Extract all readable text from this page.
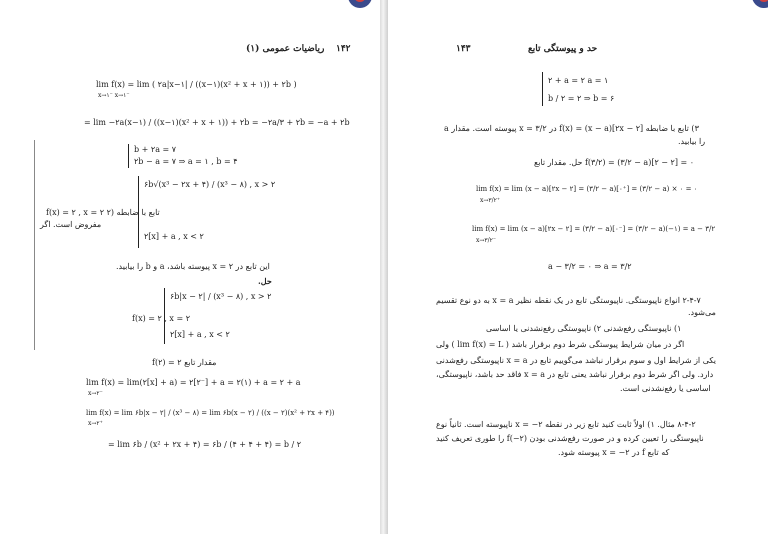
ریاضیات عمومی (۱) ۱۴۲
lim f(x) = lim ( ۲a|x−۱| / ((x−۱)(x² + x + ۱)) + ۲b )
x→۱⁻ x→۱⁻
= lim −۲a(x−۱) / ((x−۱)(x² + x + ۱)) + ۲b = −۲a/۳ + ۲b = −a + ۲b
b + ۲a = ۷
۲b − a = ۷ ⇒ a = ۱ , b = ۴
۶b√(x³ − ۲x + ۴) / (x³ − ۸) , x > ۲
f(x) = ۲ , x = ۲ ۲) تابع با ضابطه
۲[x] + a , x < ۲
مفروض است. اگر
این تابع در x = ۲ پیوسته باشد، a و b را بیابید.
حل.
۶b|x − ۲| / (x³ − ۸) , x > ۲
f(x) = ۲ , x = ۲
۲[x] + a , x < ۲
f(۲) = ۲ مقدار تابع
lim f(x) = lim(۲[x] + a) = ۲[۲⁻] + a = ۲(۱) + a = ۲ + a
x→۲⁻
lim f(x) = lim ۶b|x − ۲| / (x³ − ۸) = lim ۶b(x − ۲) / ((x − ۲)(x² + ۲x + ۴))
x→۲⁺
= lim ۶b / (x² + ۲x + ۴) = ۶b / (۴ + ۴ + ۴) = b / ۲
۱۴۳	حد و پیوستگی تابع
۲ + a = ۲ a = ۱
b / ۲ = ۲ ⇒ b = ۶
۳) تابع با ضابطه f(x) = (x − a)[۲x − ۲] در x = ۳/۲ پیوسته است. مقدار a
را بیابید.
حل. مقدار تابع f(۳/۲) = (۳/۲ − a)[۲ − ۲] = ۰
lim f(x) = lim (x − a)[۲x − ۲] = (۳/۲ − a)[۰⁺] = (۳/۲ − a) × ۰ = ۰
x→۳/۲⁺
lim f(x) = lim (x − a)[۲x − ۲] = (۳/۲ − a)[۰⁻] = (۳/۲ − a)(−۱) = a − ۳/۲
x→۳/۲⁻
a − ۳/۲ = ۰ ⇒ a = ۳/۲
۲-۴-۷ انواع ناپیوستگی. ناپیوستگی تابع در یک نقطه نظیر x = a به دو نوع تقسیم
می‌شود.
۱) ناپیوستگی رفع‌شدنی ۲) ناپیوستگی رفع‌نشدنی یا اساسی
اگر در میان شرایط پیوستگی شرط دوم برقرار باشد ( lim f(x) = L ) ولی
یکی از شرایط اول و سوم برقرار نباشد می‌گوییم تابع در x = a ناپیوستگی رفع‌شدنی
دارد. ولی اگر شرط دوم برقرار نباشد یعنی تابع در x = a فاقد حد باشد، ناپیوستگی،
اساسی یا رفع‌نشدنی است.
۸-۴-۲ مثال. ۱) اولاً ثابت کنید تابع زیر در نقطه x = −۲ ناپیوسته است. ثانیاً نوع
ناپیوستگی را تعیین کرده و در صورت رفع‌شدنی بودن f(−۲) را طوری تعریف کنید
که تابع f در x = −۲ پیوسته شود.
